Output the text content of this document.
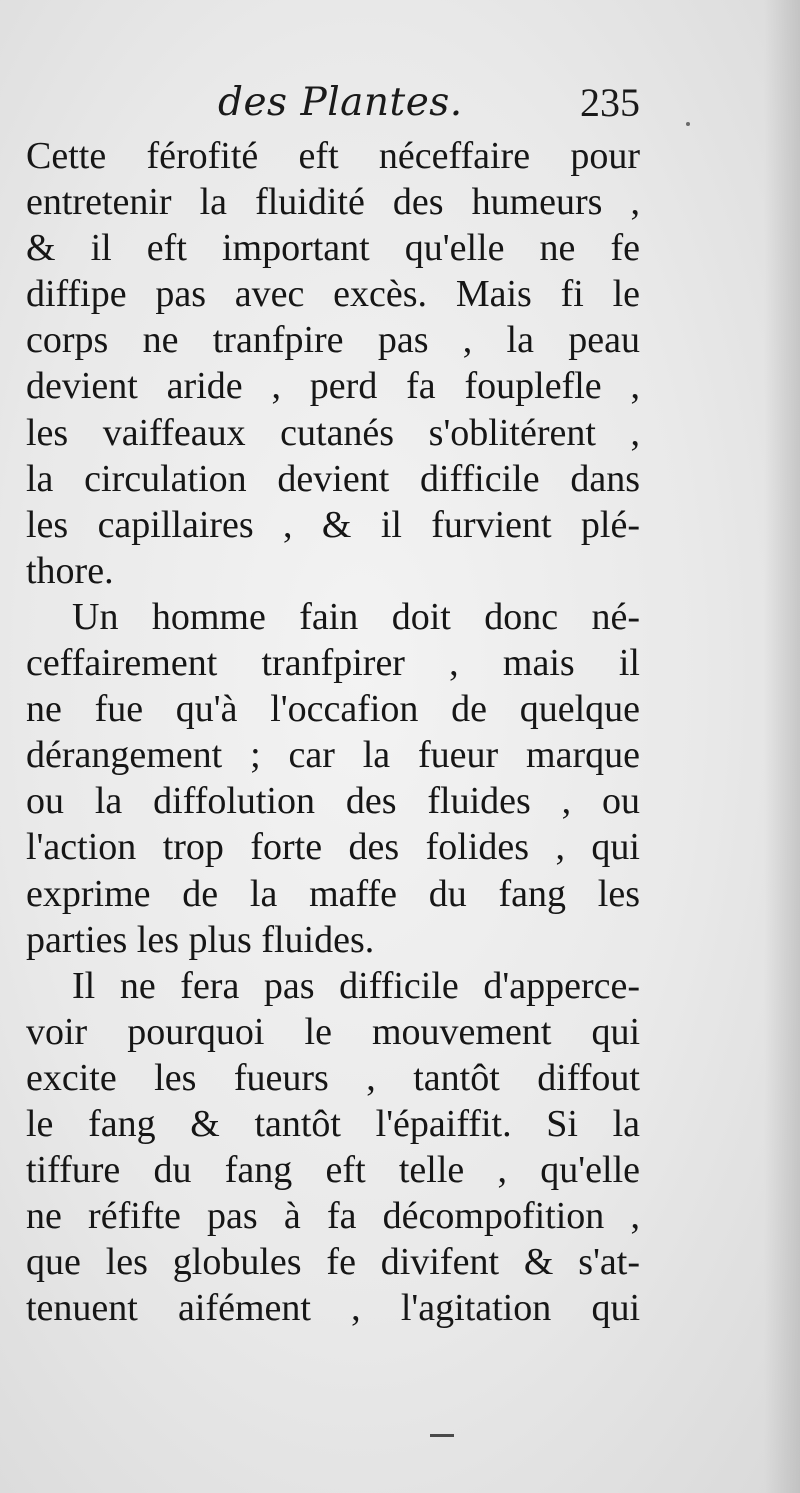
des Plantes.	235
Cette férofité eft néceffaire pour
entretenir la fluidité des humeurs ,
& il eft important qu'elle ne fe
diffipe pas avec excès. Mais fi le
corps ne tranfpire pas , la peau
devient aride , perd fa fouplefle ,
les vaiffeaux cutanés s'oblitérent ,
la circulation devient difficile dans
les capillaires , & il furvient plé-
thore.
Un homme fain doit donc né-
ceffairement tranfpirer , mais il
ne fue qu'à l'occafion de quelque
dérangement ; car la fueur marque
ou la diffolution des fluides , ou
l'action trop forte des folides , qui
exprime de la maffe du fang les
parties les plus fluides.
Il ne fera pas difficile d'apperce-
voir pourquoi le mouvement qui
excite les fueurs , tantôt diffout
le fang & tantôt l'épaiffit. Si la
tiffure du fang eft telle , qu'elle
ne réfifte pas à fa décompofition ,
que les globules fe divifent & s'at-
tenuent aifément , l'agitation qui
